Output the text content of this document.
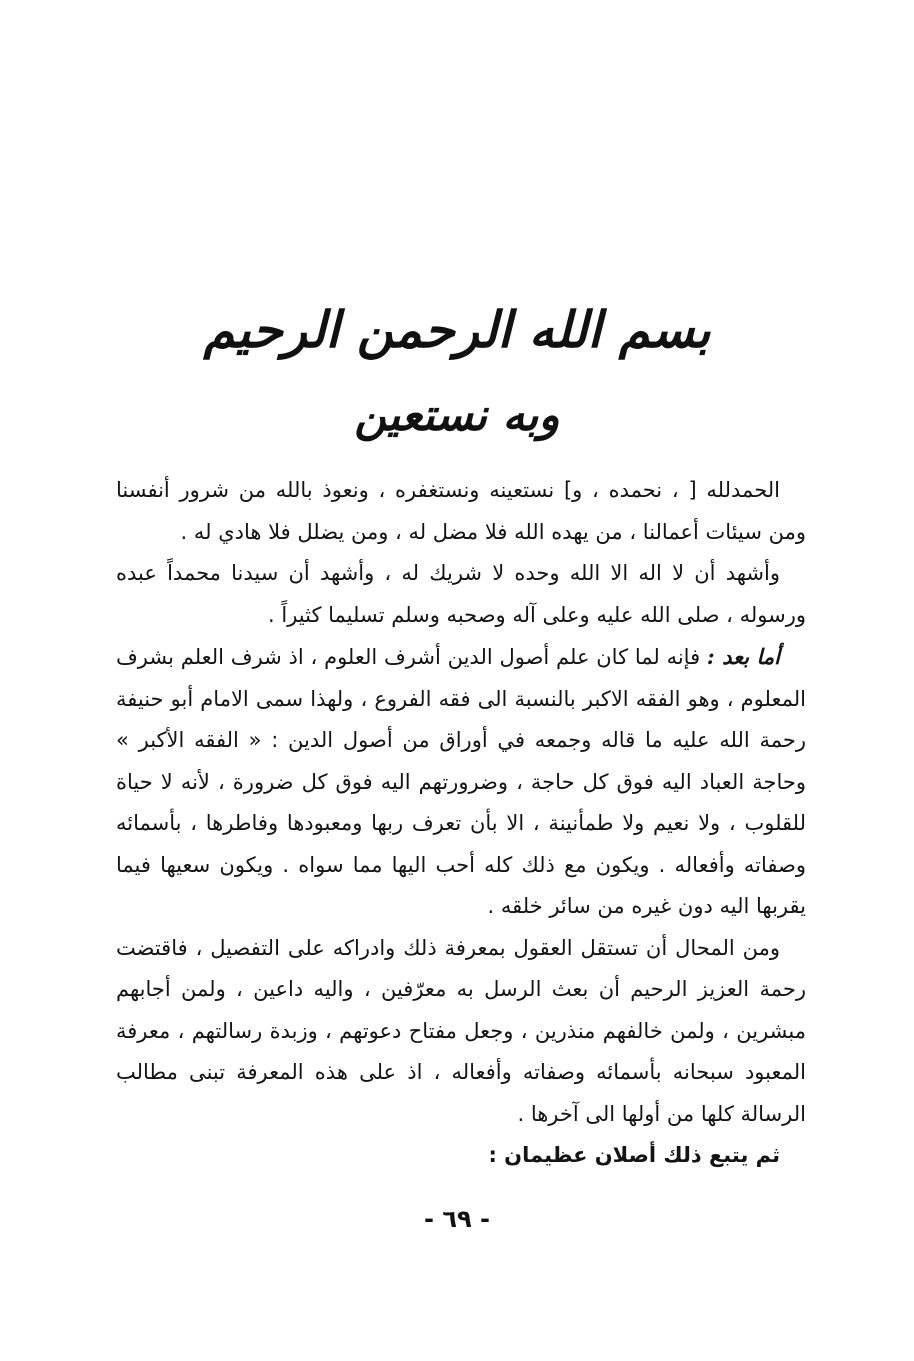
بسم الله الرحمن الرحيم
وبه نستعين

الحمدلله [ ، نحمده ، و] نستعينه ونستغفره ، ونعوذ بالله من شرور أنفسنا ومن سيئات أعمالنا ، من يهده الله فلا مضل له ، ومن يضلل فلا هادي له .

وأشهد أن لا اله الا الله وحده لا شريك له ، وأشهد أن سيدنا محمداً عبده ورسوله ، صلى الله عليه وعلى آله وصحبه وسلم تسليما كثيراً .

أما بعد : فإنه لما كان علم أصول الدين أشرف العلوم ، اذ شرف العلم بشرف المعلوم ، وهو الفقه الاكبر بالنسبة الى فقه الفروع ، ولهذا سمى الامام أبو حنيفة رحمة الله عليه ما قاله وجمعه في أوراق من أصول الدين : « الفقه الأكبر » وحاجة العباد اليه فوق كل حاجة ، وضرورتهم اليه فوق كل ضرورة ، لأنه لا حياة للقلوب ، ولا نعيم ولا طمأنينة ، الا بأن تعرف ربها ومعبودها وفاطرها ، بأسمائه وصفاته وأفعاله . ويكون مع ذلك كله أحب اليها مما سواه . ويكون سعيها فيما يقربها اليه دون غيره من سائر خلقه .

ومن المحال أن تستقل العقول بمعرفة ذلك وادراكه على التفصيل ، فاقتضت رحمة العزيز الرحيم أن بعث الرسل به معرّفين ، واليه داعين ، ولمن أجابهم مبشرين ، ولمن خالفهم منذرين ، وجعل مفتاح دعوتهم ، وزبدة رسالتهم ، معرفة المعبود سبحانه بأسمائه وصفاته وأفعاله ، اذ على هذه المعرفة تبنى مطالب الرسالة كلها من أولها الى آخرها .

ثم يتبع ذلك أصلان عظيمان :

- ٦٩ -
